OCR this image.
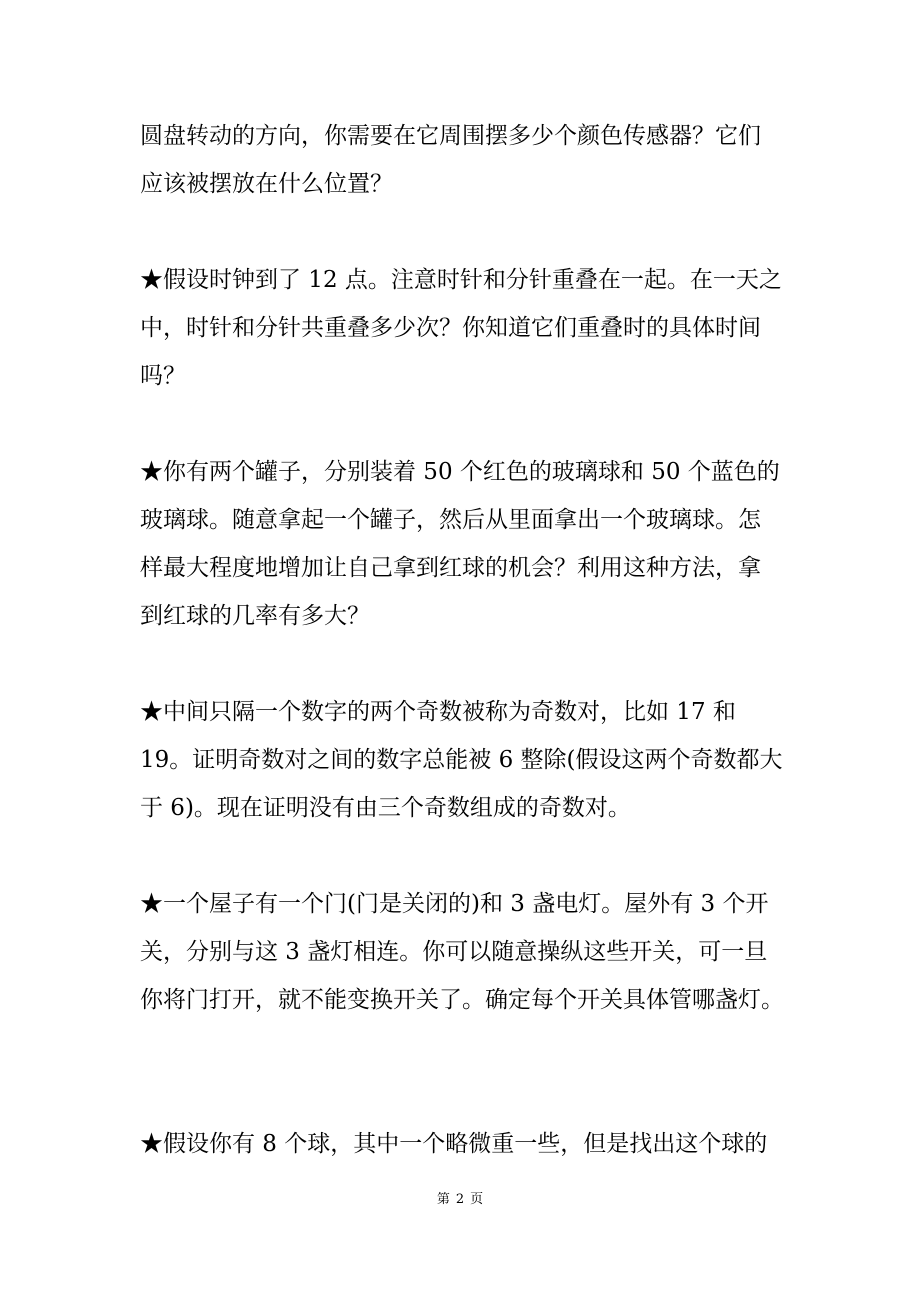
圆盘转动的方向，你需要在它周围摆多少个颜色传感器？它们
应该被摆放在什么位置？
★假设时钟到了 12 点。注意时针和分针重叠在一起。在一天之
中，时针和分针共重叠多少次？你知道它们重叠时的具体时间
吗？
★你有两个罐子，分别装着 50 个红色的玻璃球和 50 个蓝色的
玻璃球。随意拿起一个罐子，然后从里面拿出一个玻璃球。怎
样最大程度地增加让自己拿到红球的机会？利用这种方法，拿
到红球的几率有多大？
★中间只隔一个数字的两个奇数被称为奇数对，比如 17 和
19。证明奇数对之间的数字总能被 6 整除(假设这两个奇数都大
于 6)。现在证明没有由三个奇数组成的奇数对。
★一个屋子有一个门(门是关闭的)和 3 盏电灯。屋外有 3 个开
关，分别与这 3 盏灯相连。你可以随意操纵这些开关，可一旦
你将门打开，就不能变换开关了。确定每个开关具体管哪盏灯。
★假设你有 8 个球，其中一个略微重一些，但是找出这个球的
第 2 页
